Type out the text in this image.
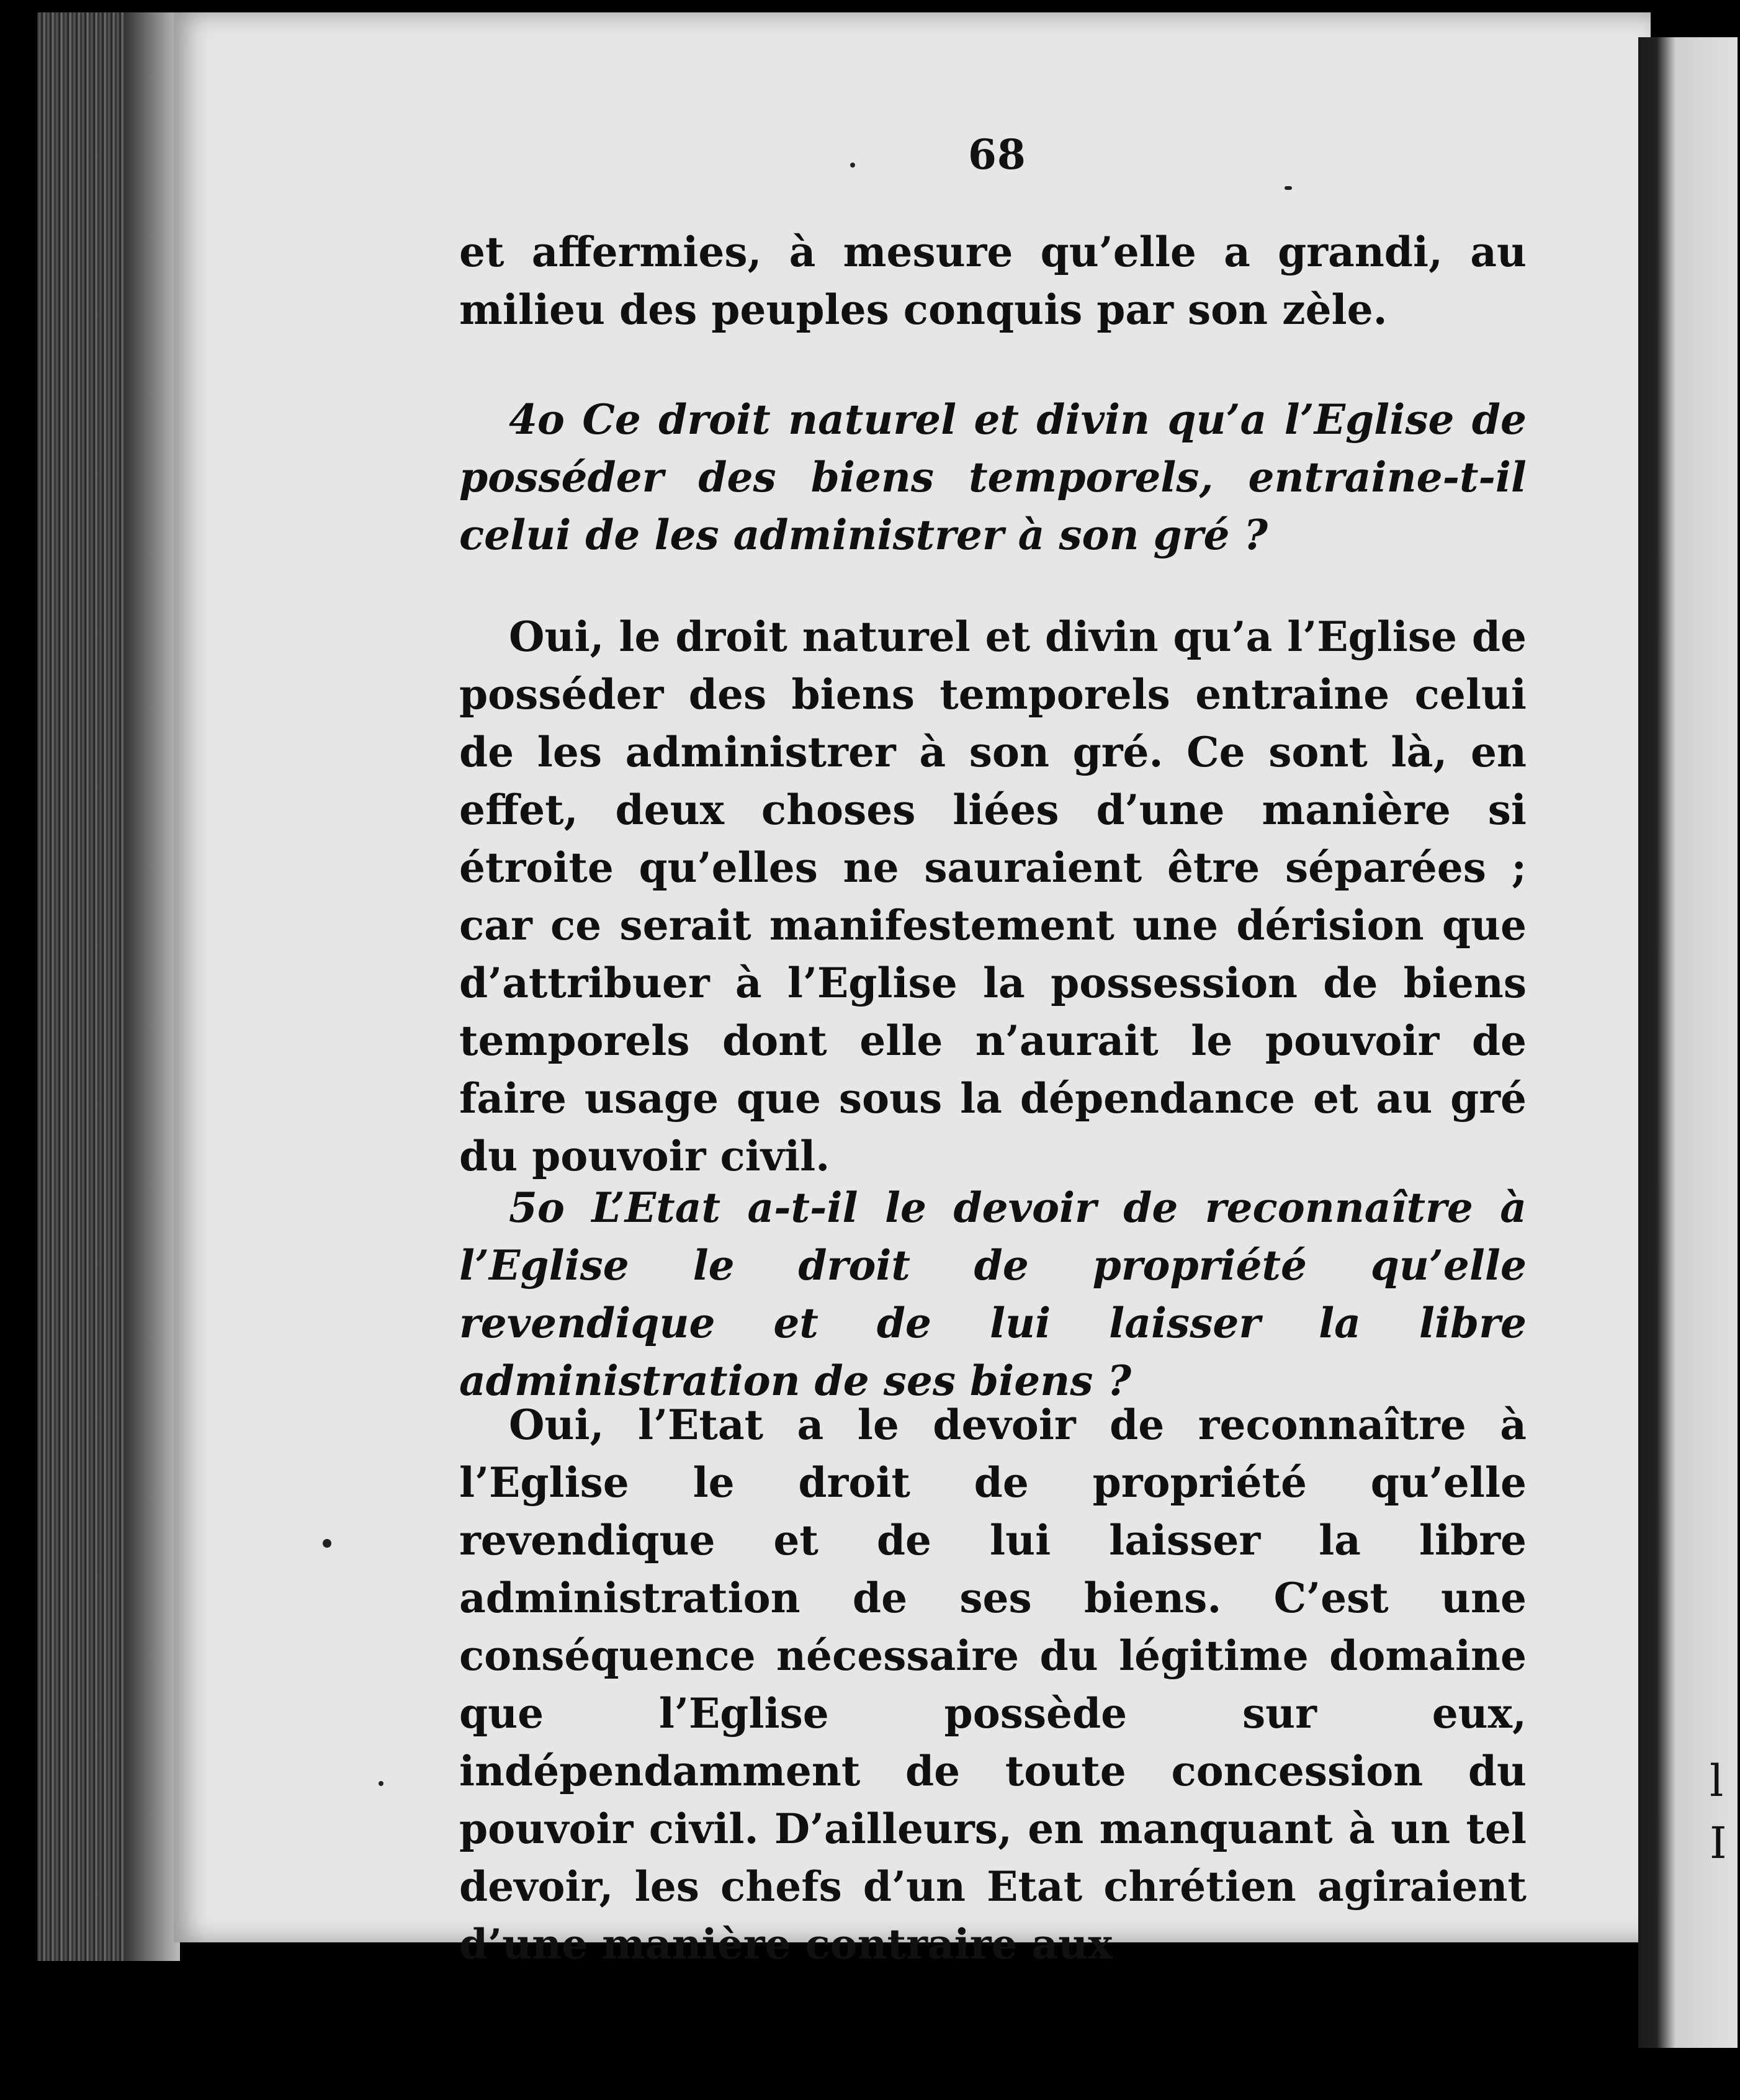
68
et affermies, à mesure qu’elle a grandi, au milieu des peuples conquis par son zèle.
4o Ce droit naturel et divin qu’a l’Eglise de posséder des biens temporels, entraine-t-il celui de les administrer à son gré ?
Oui, le droit naturel et divin qu’a l’Eglise de posséder des biens temporels entraine celui de les administrer à son gré. Ce sont là, en effet, deux choses liées d’une manière si étroite qu’elles ne sauraient être séparées ; car ce serait manifestement une dérision que d’attribuer à l’Eglise la possession de biens temporels dont elle n’aurait le pouvoir de faire usage que sous la dépendance et au gré du pouvoir civil.
5o L’Etat a-t-il le devoir de reconnaître à l’Eglise le droit de propriété qu’elle revendique et de lui laisser la libre administration de ses biens ?
Oui, l’Etat a le devoir de reconnaître à l’Eglise le droit de propriété qu’elle revendique et de lui laisser la libre administration de ses biens. C’est une conséquence nécessaire du légitime domaine que l’Eglise possède sur eux, indépendamment de toute concession du pouvoir civil. D’ailleurs, en manquant à un tel devoir, les chefs d’un Etat chrétien agiraient d’une manière contraire aux
l
I
